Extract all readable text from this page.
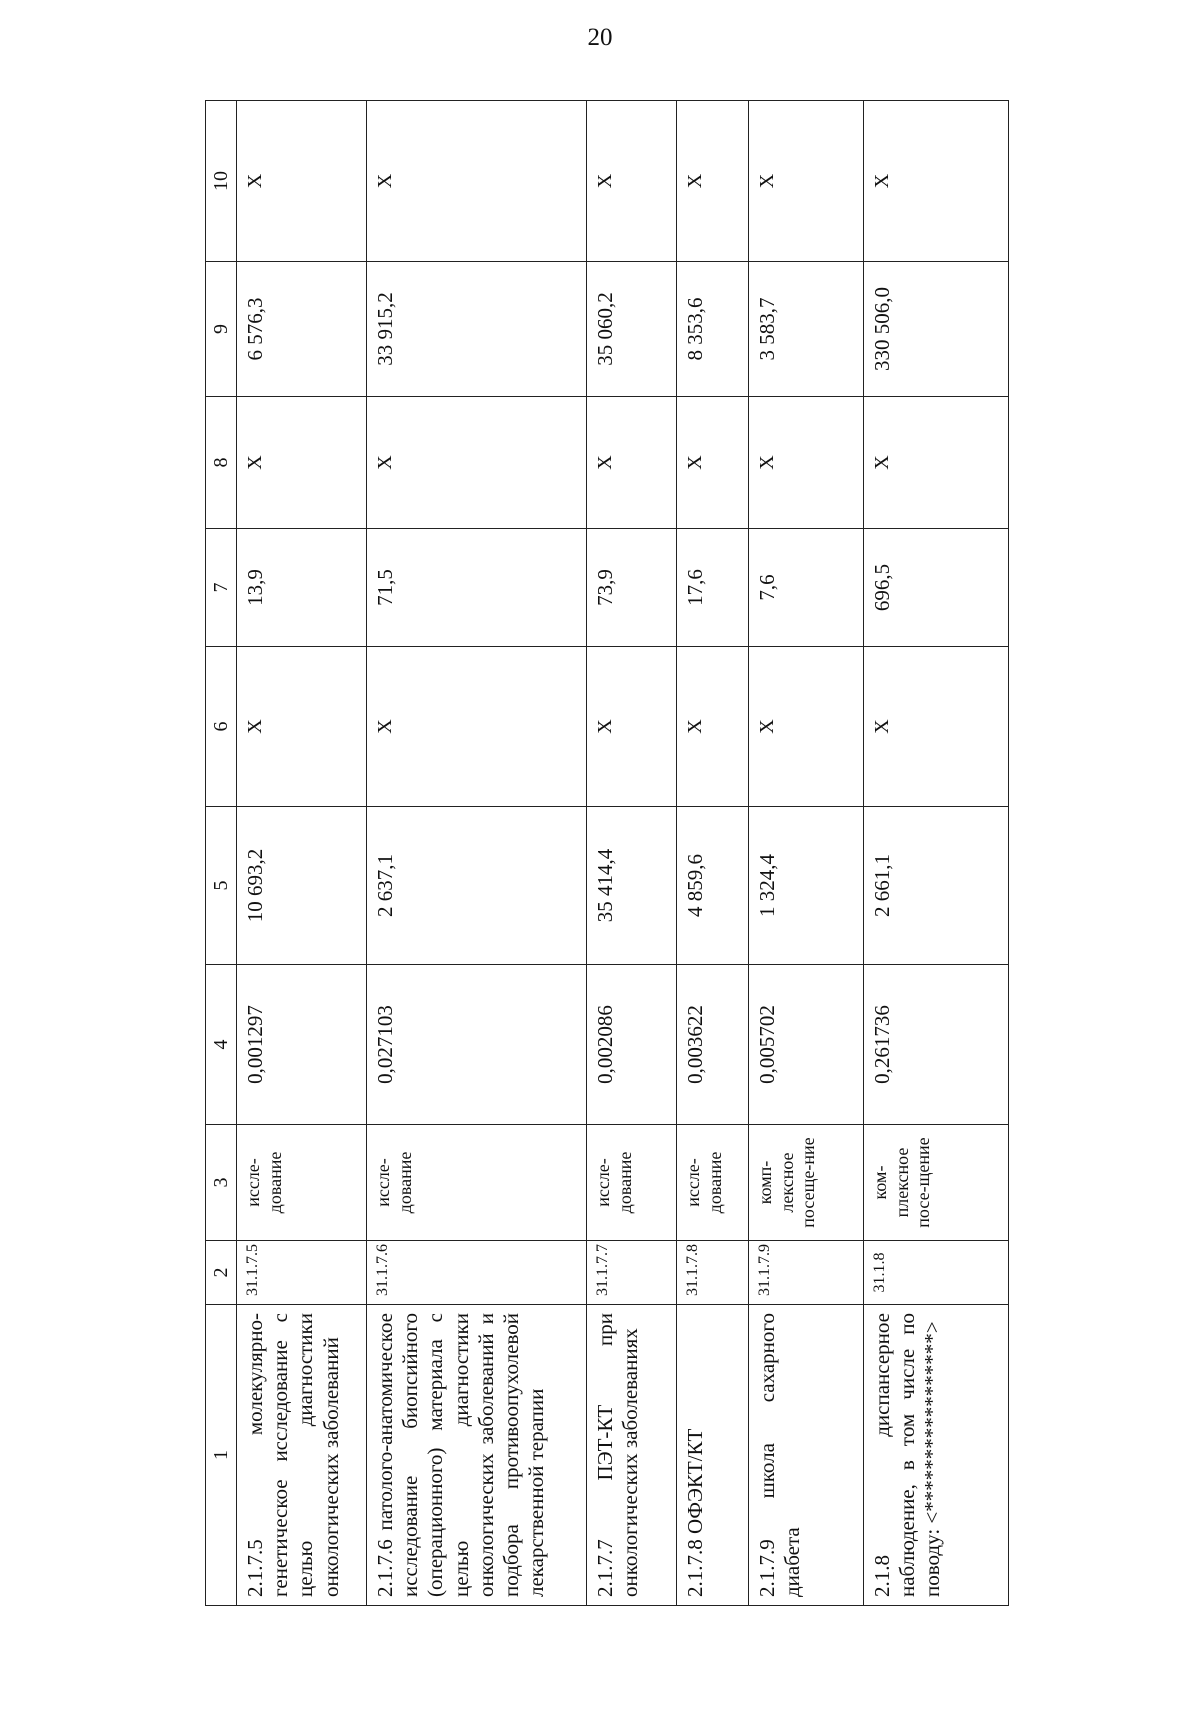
20
1	2	3	4	5	6	7	8	9	10
2.1.7.5 молекулярно-генетическое исследование с целью диагностики онкологических заболеваний	31.1.7.5	иссле-дование	0,001297	10 693,2	Х	13,9	Х	6 576,3	Х
2.1.7.6 патолого-анатомическое исследование биопсийного (операционного) материала с целью диагностики онкологических заболеваний и подбора противоопухолевой лекарственной терапии	31.1.7.6	иссле-дование	0,027103	2 637,1	Х	71,5	Х	33 915,2	Х
2.1.7.7 ПЭТ-КТ при онкологических заболеваниях	31.1.7.7	иссле-дование	0,002086	35 414,4	Х	73,9	Х	35 060,2	Х
2.1.7.8 ОФЭКТ/КТ	31.1.7.8	иссле-дование	0,003622	4 859,6	Х	17,6	Х	8 353,6	Х
2.1.7.9 школа сахарного диабета	31.1.7.9	комп-лексное посеще-ние	0,005702	1 324,4	Х	7,6	Х	3 583,7	Х
2.1.8 диспансерное наблюдение, в том числе по поводу: <*****************>	31.1.8	ком-плексное посе-щение	0,261736	2 661,1	Х	696,5	Х	330 506,0	Х
